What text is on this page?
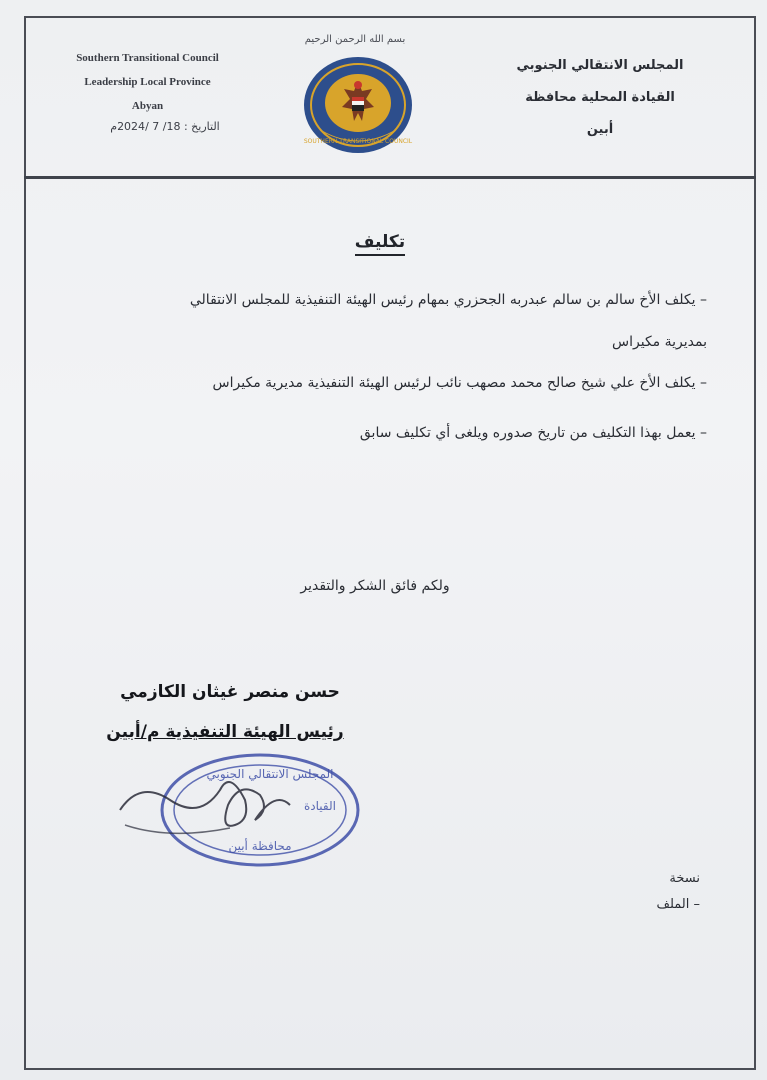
Southern Transitional Council
Leadership Local Province
Abyan
التاريخ : 18/ 7 /2024م
بسم الله الرحمن الرحيم
SOUTHERN TRANSITIONAL COUNCIL
المجلس الانتقالي الجنوبي
القيادة المحلية محافظة
أبين
تكليف
– يكلف الأخ سالم بن سالم عبدربه الجحزري بمهام رئيس الهيئة التنفيذية للمجلس الانتقالي
بمديرية مكيراس
– يكلف الأخ علي شيخ صالح محمد مصهب نائب لرئيس الهيئة التنفيذية مديرية مكيراس
– يعمل بهذا التكليف من تاريخ صدوره ويلغى أي تكليف سابق
ولكم فائق الشكر والتقدير
حسن منصر غيثان الكازمي
رئيس الهيئة التنفيذية م/أبين
المجلس الانتقالي الجنوبي
القيادة
محافظة أبين
نسخة
– الملف
